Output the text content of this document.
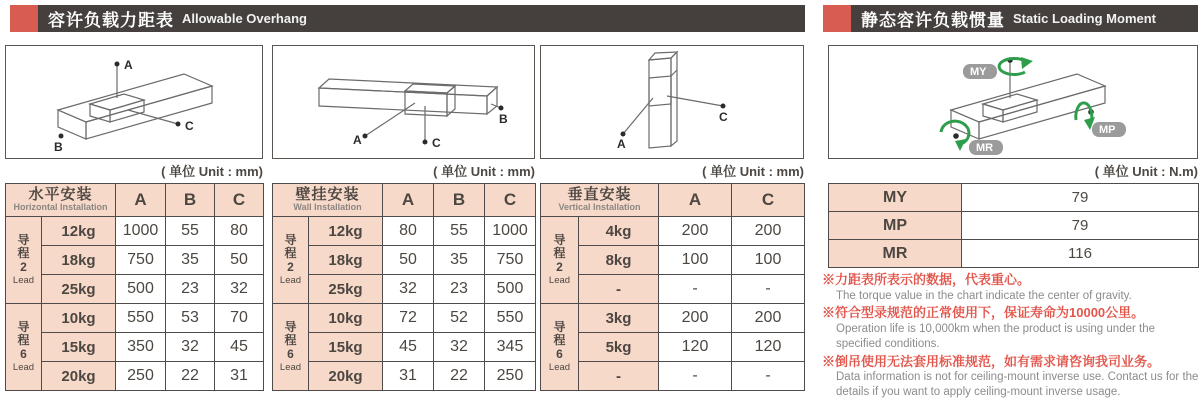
容许负载力距表 Allowable Overhang	静态容许负载惯量 Static Loading Moment
A
B
C
A	C
B
A
C
MY
MP
MR
( 单位 Unit : mm)	( 单位 Unit : mm)	( 单位 Unit : mm)	( 单位 Unit : N.m)
水平安装
Horizontal Installation		A	B	C

导
程
2
Lead	12kg	1000	55	80
	18kg	750	35	50
	25kg	500	23	32

导
程
6
Lead	10kg	550	53	70
	15kg	350	32	45
	20kg	250	22	31
壁挂安装
Wall Installation		A	B	C

导
程
2
Lead	12kg	80	55	1000
	18kg	50	35	750
	25kg	32	23	500

导
程
6
Lead	10kg	72	52	550
	15kg	45	32	345
	20kg	31	22	250
垂直安装
Vertical Installation		A	C

导
程
2
Lead	4kg	200	200
	8kg	100	100
	-	-	-

导
程
6
Lead	3kg	200	200
	5kg	120	120
	-	-	-
MY	79
MP	79
MR	116
※力距表所表示的数据，代表重心。
The torque value in the chart indicate the center of gravity.
※符合型录规范的正常使用下，保证寿命为10000公里。
Operation life is 10,000km when the product is using under the specified conditions.
※倒吊使用无法套用标准规范，如有需求请咨询我司业务。
Data information is not for ceiling-mount inverse use. Contact us for the details if you want to apply ceiling-mount inverse usage.
